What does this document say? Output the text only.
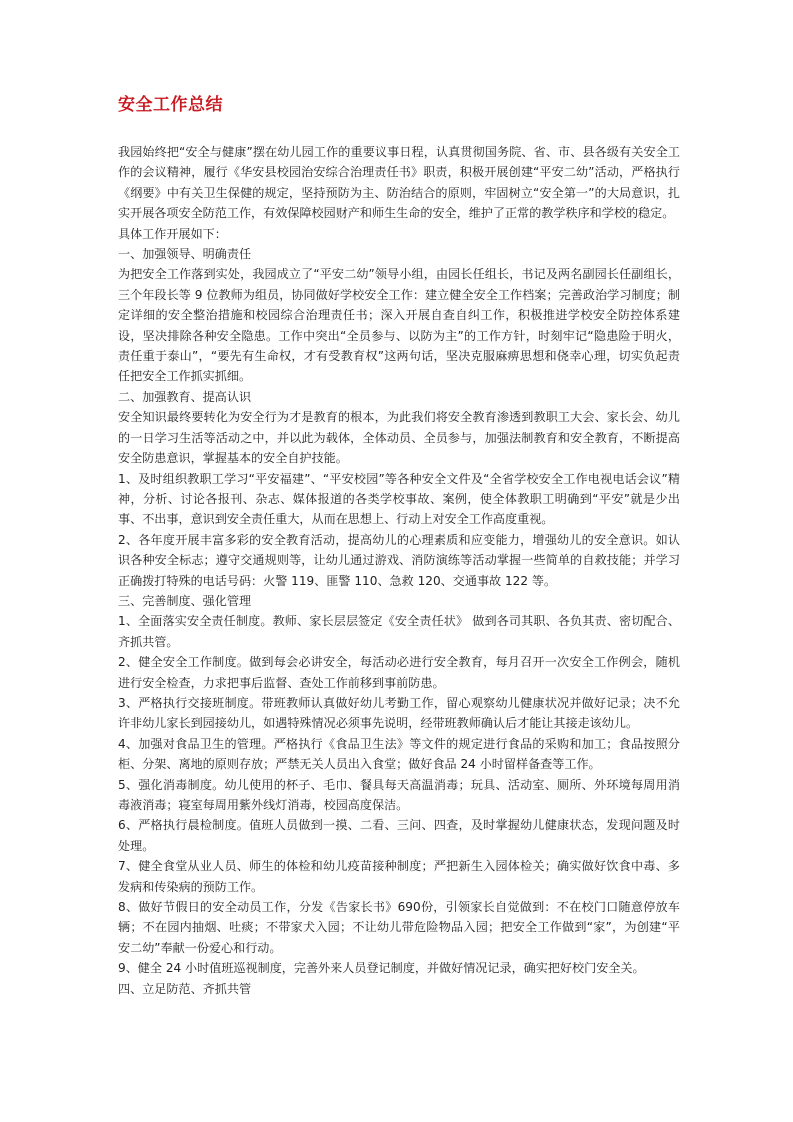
安全工作总结

我园始终把“安全与健康”摆在幼儿园工作的重要议事日程，认真贯彻国务院、省、市、县各级有关安全工作的会议精神，履行《华安县校园治安综合治理责任书》职责，积极开展创建“平安二幼”活动，严格执行《纲要》中有关卫生保健的规定，坚持预防为主、防治结合的原则，牢固树立“安全第一”的大局意识，扎实开展各项安全防范工作，有效保障校园财产和师生生命的安全，维护了正常的教学秩序和学校的稳定。

具体工作开展如下：

一、加强领导、明确责任

为把安全工作落到实处，我园成立了“平安二幼”领导小组，由园长任组长，书记及两名副园长任副组长，三个年段长等 9 位教师为组员，协同做好学校安全工作：建立健全安全工作档案；完善政治学习制度；制定详细的安全整治措施和校园综合治理责任书；深入开展自查自纠工作，积极推进学校安全防控体系建设，坚决排除各种安全隐患。工作中突出“全员参与、以防为主”的工作方针，时刻牢记“隐患险于明火，责任重于泰山”，“要先有生命权，才有受教育权”这两句话，坚决克服麻痹思想和侥幸心理，切实负起责任把安全工作抓实抓细。

二、加强教育、提高认识

安全知识最终要转化为安全行为才是教育的根本，为此我们将安全教育渗透到教职工大会、家长会、幼儿的一日学习生活等活动之中，并以此为载体，全体动员、全员参与，加强法制教育和安全教育，不断提高安全防患意识，掌握基本的安全自护技能。

1、及时组织教职工学习“平安福建”、“平安校园”等各种安全文件及“全省学校安全工作电视电话会议”精神，分析、讨论各报刊、杂志、媒体报道的各类学校事故、案例，使全体教职工明确到“平安”就是少出事、不出事，意识到安全责任重大，从而在思想上、行动上对安全工作高度重视。

2、各年度开展丰富多彩的安全教育活动，提高幼儿的心理素质和应变能力，增强幼儿的安全意识。如认识各种安全标志；遵守交通规则等，让幼儿通过游戏、消防演练等活动掌握一些简单的自救技能；并学习正确拨打特殊的电话号码：火警 119、匪警 110、急救 120、交通事故 122 等。

三、完善制度、强化管理

1、全面落实安全责任制度。教师、家长层层签定《安全责任状》 做到各司其职、各负其责、密切配合、齐抓共管。

2、健全安全工作制度。做到每会必讲安全，每活动必进行安全教育，每月召开一次安全工作例会，随机进行安全检查，力求把事后监督、查处工作前移到事前防患。

3、严格执行交接班制度。带班教师认真做好幼儿考勤工作，留心观察幼儿健康状况并做好记录；决不允许非幼儿家长到园接幼儿，如遇特殊情况必须事先说明，经带班教师确认后才能让其接走该幼儿。

4、加强对食品卫生的管理。严格执行《食品卫生法》等文件的规定进行食品的采购和加工；食品按照分柜、分架、离地的原则存放；严禁无关人员出入食堂；做好食品 24 小时留样备查等工作。

5、强化消毒制度。幼儿使用的杯子、毛巾、餐具每天高温消毒；玩具、活动室、厕所、外环境每周用消毒液消毒；寝室每周用紫外线灯消毒，校园高度保洁。

6、严格执行晨检制度。值班人员做到一摸、二看、三问、四查，及时掌握幼儿健康状态，发现问题及时处理。

7、健全食堂从业人员、师生的体检和幼儿疫苗接种制度；严把新生入园体检关；确实做好饮食中毒、多发病和传染病的预防工作。

8、做好节假日的安全动员工作，分发《告家长书》690份，引领家长自觉做到：不在校门口随意停放车辆；不在园内抽烟、吐痰；不带家犬入园；不让幼儿带危险物品入园；把安全工作做到“家”，为创建“平安二幼”奉献一份爱心和行动。

9、健全 24 小时值班巡视制度，完善外来人员登记制度，并做好情况记录，确实把好校门安全关。

四、立足防范、齐抓共管
